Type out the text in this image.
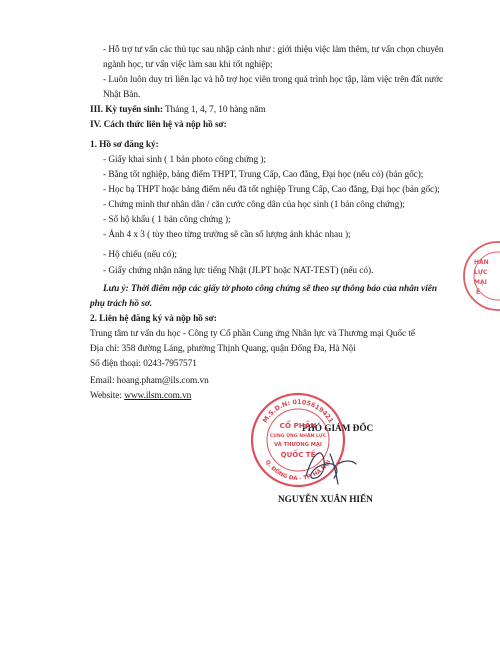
- Hỗ trợ tư vấn các thủ tục sau nhập cảnh như : giới thiệu việc làm thêm, tư vấn chọn chuyên
ngành học, tư vấn việc làm sau khi tốt nghiệp;
- Luôn luôn duy trì liên lạc và hỗ trợ học viên trong quá trình học tập, làm việc trên đất nước
Nhật Bản.
III. Kỳ tuyển sinh: Tháng 1, 4, 7, 10 hàng năm
IV. Cách thức liên hệ và nộp hồ sơ:
1. Hồ sơ đăng ký:
- Giấy khai sinh ( 1 bản photo công chứng );
- Bằng tốt nghiệp, bảng điểm THPT, Trung Cấp, Cao đẳng, Đại học (nếu có) (bản gốc);
- Học bạ THPT hoặc bảng điểm nếu đã tốt nghiệp Trung Cấp, Cao đẳng, Đại học (bản gốc);
- Chứng minh thư nhân dân / căn cước công dân của học sinh (1 bản công chứng);
- Sổ hộ khẩu ( 1 bản công chứng );
- Ảnh 4 x 3 ( tùy theo từng trường sẽ cần số lượng ảnh khác nhau );
- Hộ chiếu (nếu có);
- Giấy chứng nhận năng lực tiếng Nhật (JLPT hoặc NAT-TEST) (nếu có).
Lưu ý: Thời điểm nộp các giấy tờ photo công chứng sẽ theo sự thông báo của nhân viên
phụ trách hồ sơ.
2. Liên hệ đăng ký và nộp hồ sơ:
Trung tâm tư vấn du học - Công ty Cổ phần Cung ứng Nhân lực và Thương mại Quốc tế
Địa chỉ: 358 đường Láng, phường Thịnh Quang, quận Đống Đa, Hà Nội
Số điện thoại: 0243-7957571
Email: hoang.pham@ils.com.vn
Website: www.ilsm.com.vn
PHÓ GIÁM ĐỐC
NGUYỄN XUÂN HIỂN
M.S.D.N: 0105619421
Q. ĐỐNG ĐA - TP. HÀ NỘI
CỔ PHẦN
CUNG ỨNG NHÂN LỰC
VÀ THƯƠNG MẠI
QUỐC TẾ
HÂN
LỰC
MẠI
Ế
